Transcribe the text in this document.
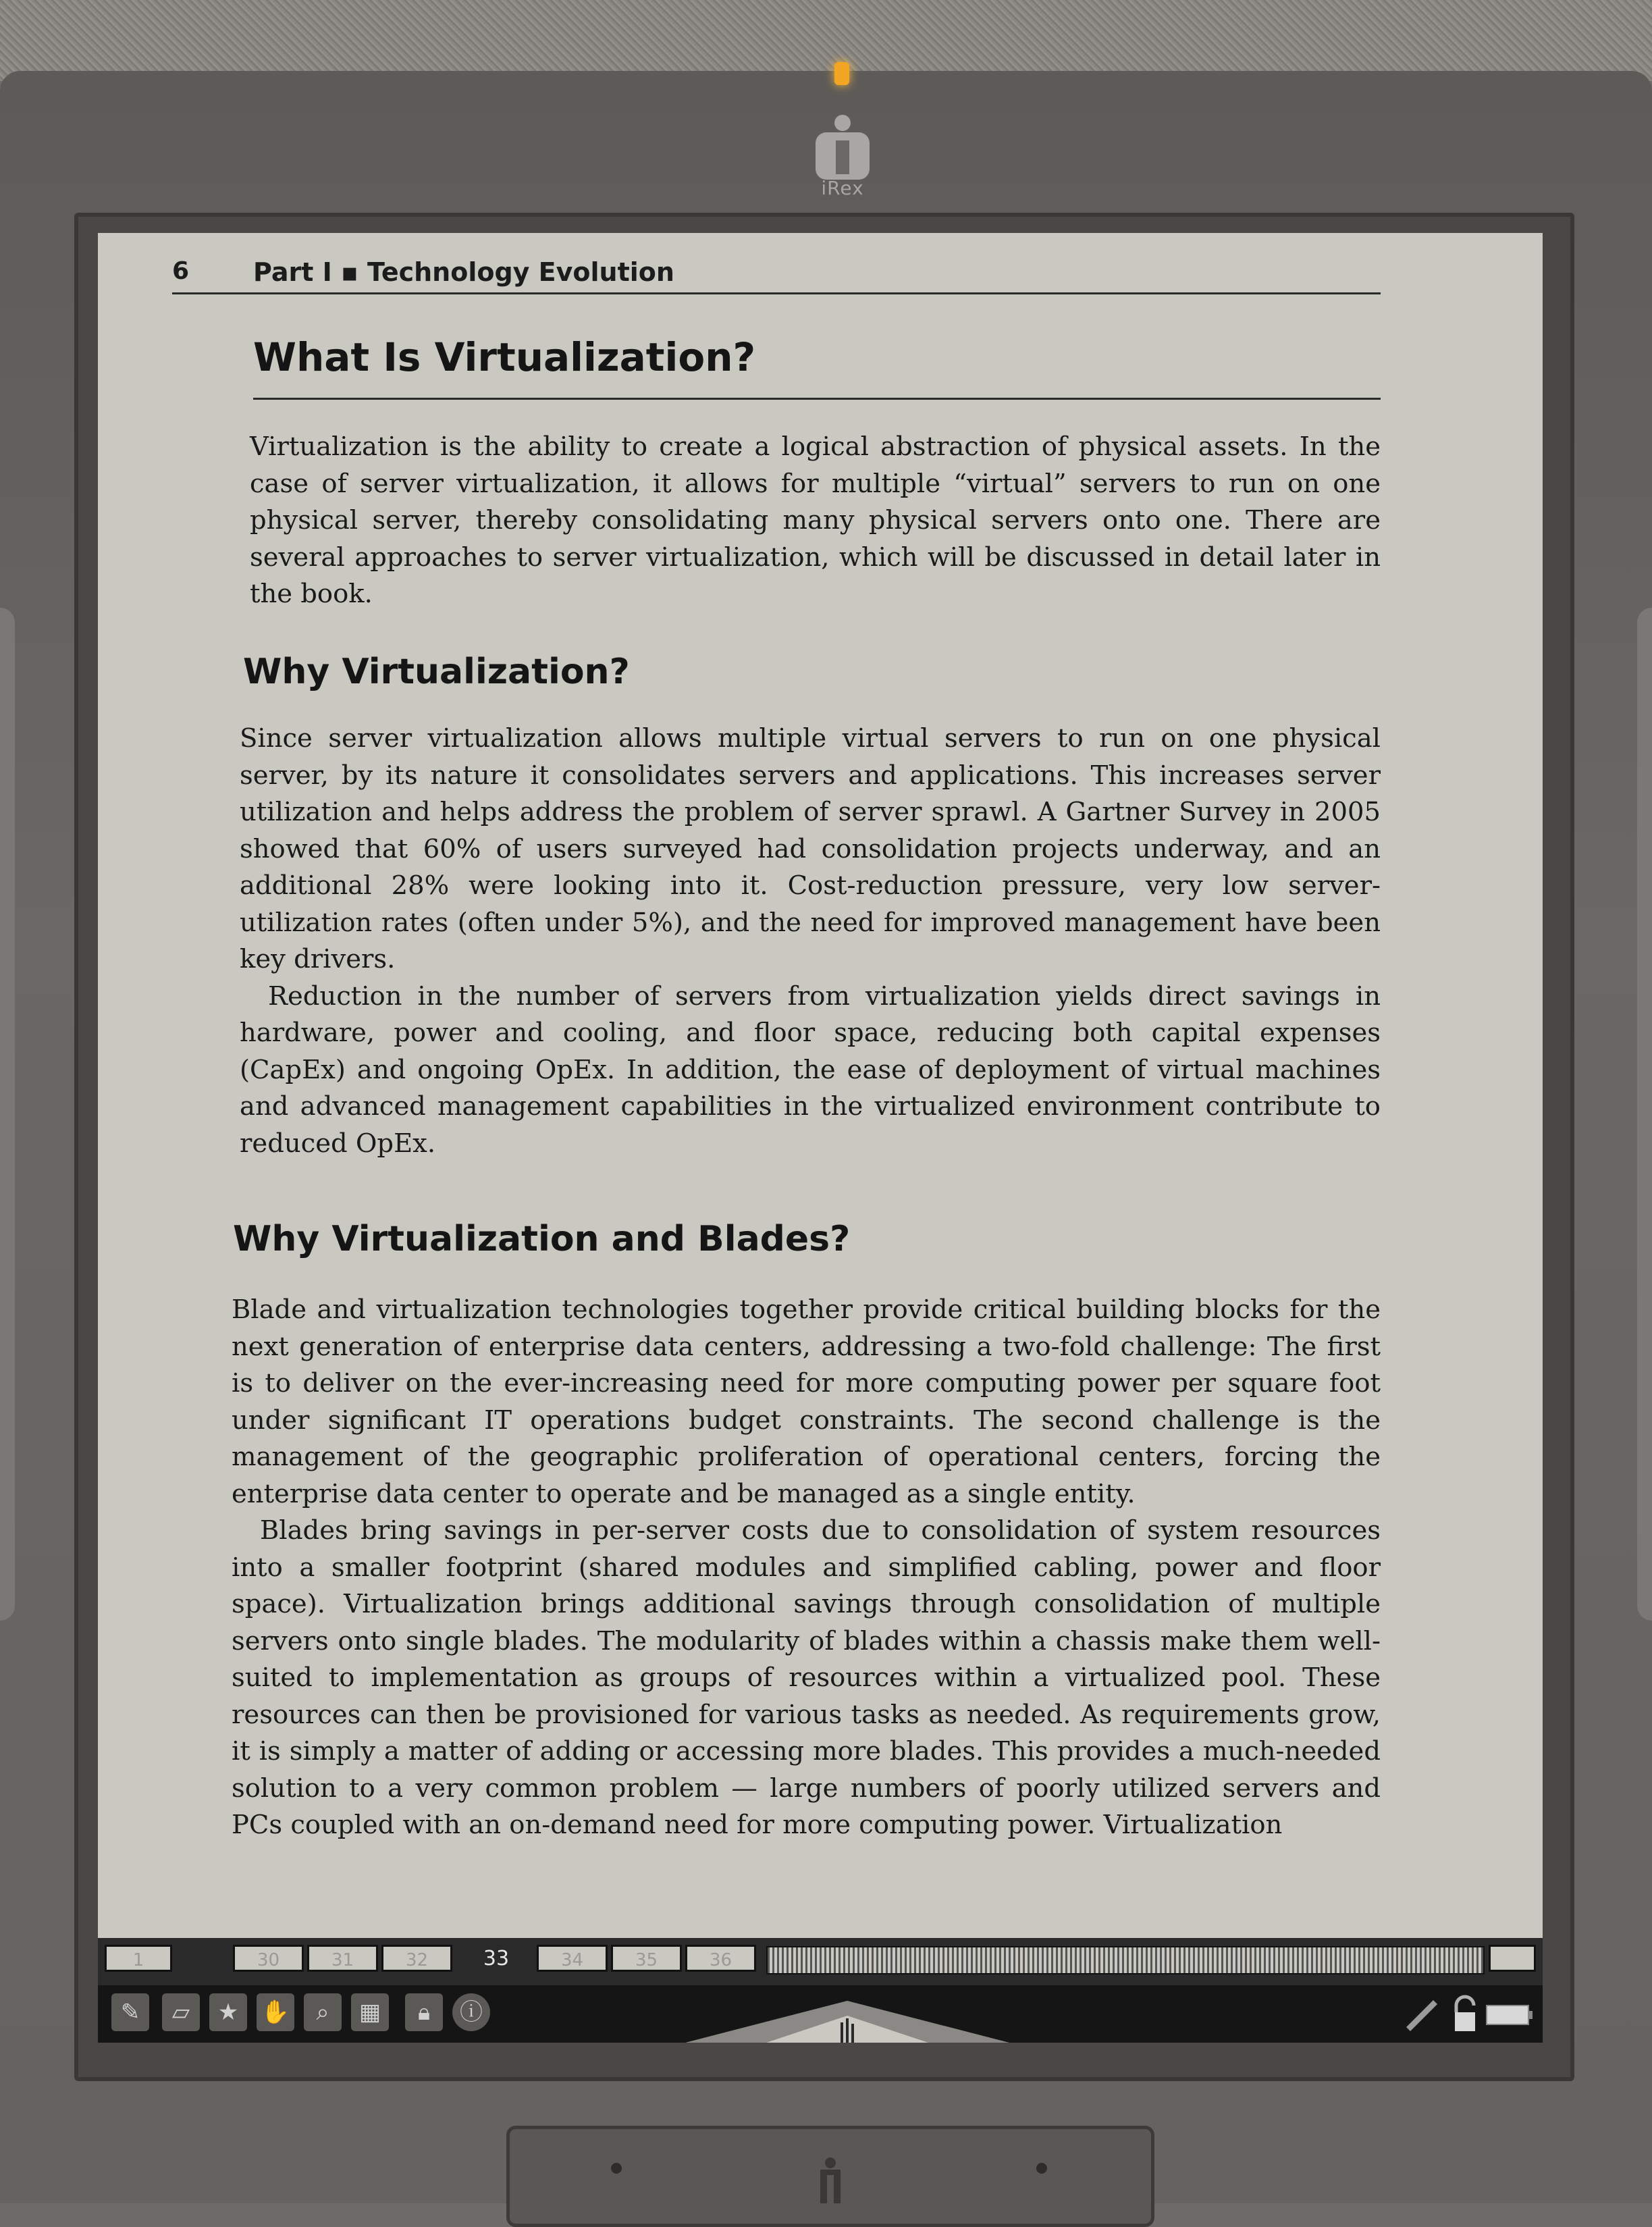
iRex
6 Part I ▪ Technology Evolution
What Is Virtualization?

Virtualization is the ability to create a logical abstraction of physical assets. In the case of server virtualization, it allows for multiple “virtual” servers to run on one physical server, thereby consolidating many physical servers onto one. There are several approaches to server virtualization, which will be discussed in detail later in the book.

Why Virtualization?

Since server virtualization allows multiple virtual servers to run on one physical server, by its nature it consolidates servers and applications. This increases server utilization and helps address the problem of server sprawl. A Gartner Survey in 2005 showed that 60% of users surveyed had consolidation projects underway, and an additional 28% were looking into it. Cost-reduction pressure, very low server-utilization rates (often under 5%), and the need for improved management have been key drivers.

Reduction in the number of servers from virtualization yields direct savings in hardware, power and cooling, and floor space, reducing both capital expenses (CapEx) and ongoing OpEx. In addition, the ease of deployment of virtual machines and advanced management capabilities in the virtualized environment contribute to reduced OpEx.

Why Virtualization and Blades?

Blade and virtualization technologies together provide critical building blocks for the next generation of enterprise data centers, addressing a two-fold challenge: The first is to deliver on the ever-increasing need for more computing power per square foot under significant IT operations budget constraints. The second challenge is the management of the geographic proliferation of operational centers, forcing the enterprise data center to operate and be managed as a single entity.

Blades bring savings in per-server costs due to consolidation of system resources into a smaller footprint (shared modules and simplified cabling, power and floor space). Virtualization brings additional savings through consolidation of multiple servers onto single blades. The modularity of blades within a chassis make them well-suited to implementation as groups of resources within a virtualized pool. These resources can then be provisioned for various tasks as needed. As requirements grow, it is simply a matter of adding or accessing more blades. This provides a much-needed solution to a very common problem — large numbers of poorly utilized servers and PCs coupled with an on-demand need for more computing power. Virtualization

1	30	31	32	33	34	35	36
✎	▱	★ ✋	⌕	▦	🔒︎	ⓘ
